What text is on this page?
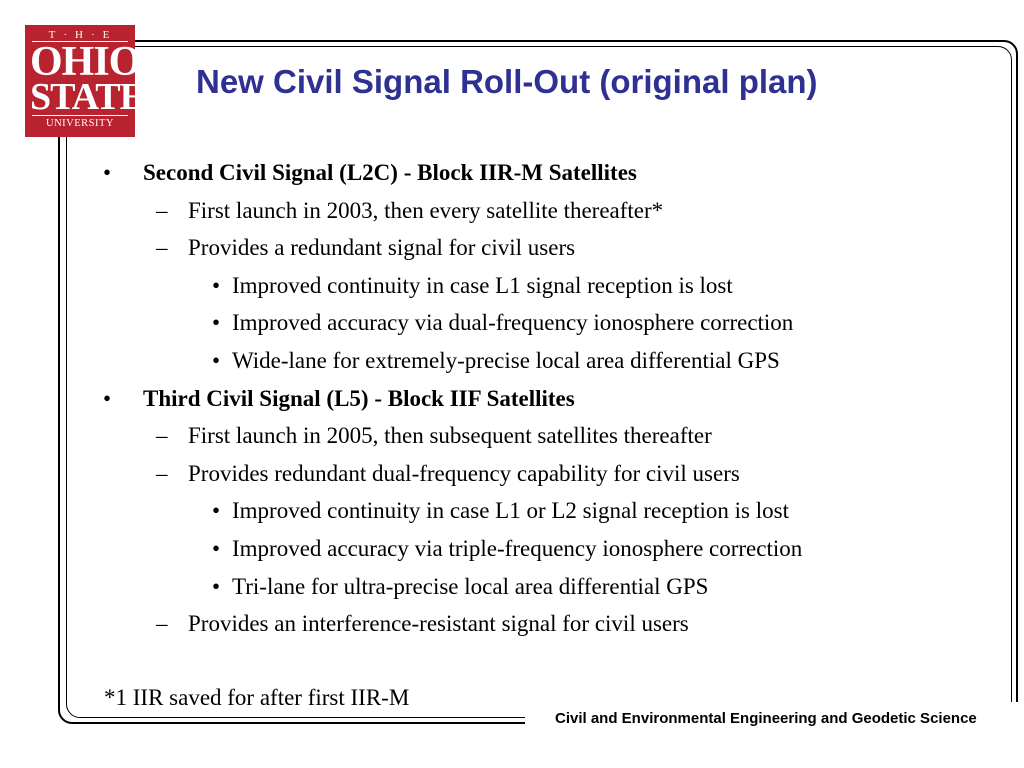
T·H·E
OHIO
STATE
UNIVERSITY
New Civil Signal Roll-Out (original plan)
• Second Civil Signal (L2C) - Block IIR-M Satellites
– First launch in 2003, then every satellite thereafter*
– Provides a redundant signal for civil users
• Improved continuity in case L1 signal reception is lost
• Improved accuracy via dual-frequency ionosphere correction
• Wide-lane for extremely-precise local area differential GPS
• Third Civil Signal (L5) - Block IIF Satellites
– First launch in 2005, then subsequent satellites thereafter
– Provides redundant dual-frequency capability for civil users
• Improved continuity in case L1 or L2 signal reception is lost
• Improved accuracy via triple-frequency ionosphere correction
• Tri-lane for ultra-precise local area differential GPS
– Provides an interference-resistant signal for civil users
*1 IIR saved for after first IIR-M
Civil and Environmental Engineering and Geodetic Science
